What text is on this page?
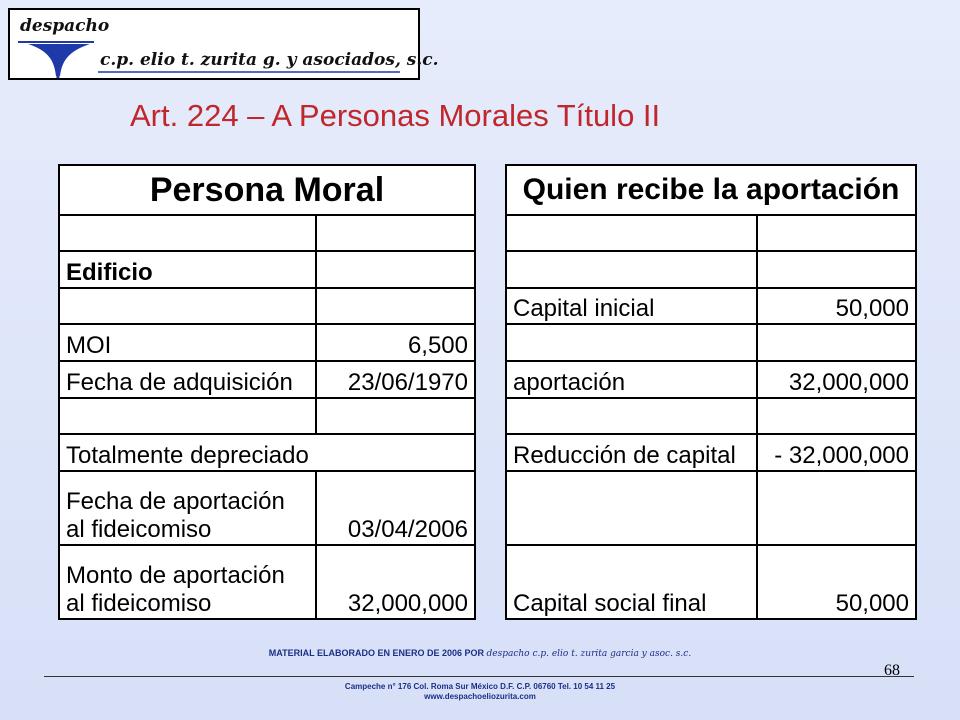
despacho
c.p. elio t. zurita g. y asociados, s.c.
Art. 224 – A Personas Morales Título II
Persona Moral	

Edificio	

MOI	6,500
Fecha de adquisición	23/06/1970

Totalmente depreciado	
Fecha de aportación
al fideicomiso	03/04/2006
Monto de aportación
al fideicomiso	32,000,000
Quien recibe la aportación	

Capital inicial	50,000

aportación	32,000,000

Reducción de capital	- 32,000,000

Capital social final	50,000
MATERIAL ELABORADO EN ENERO DE 2006 POR despacho c.p. elio t. zurita garcia y asoc. s.c.
68
Campeche n° 176 Col. Roma Sur México D.F. C.P. 06760 Tel. 10 54 11 25
www.despachoeliozurita.com
